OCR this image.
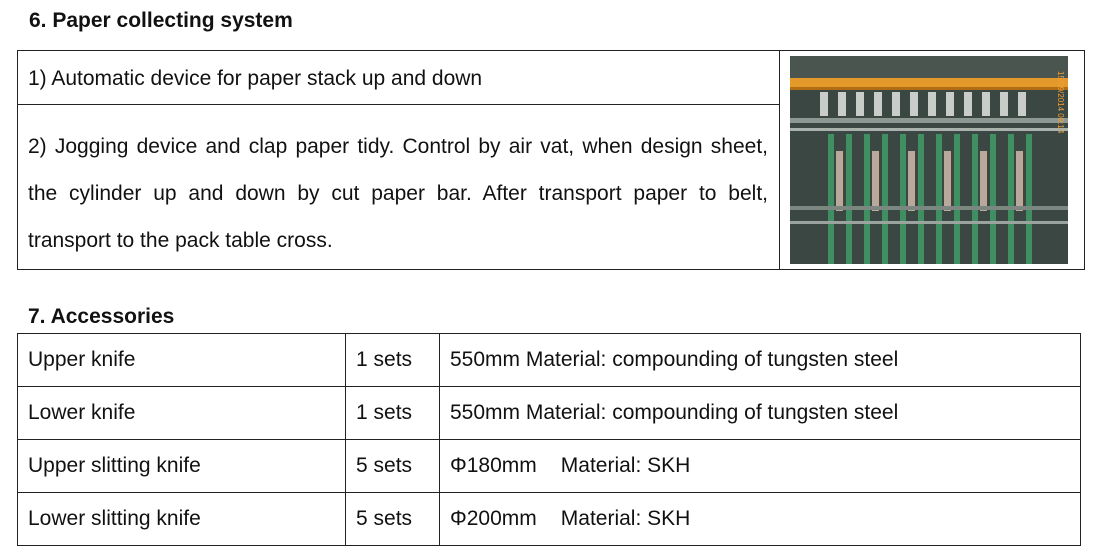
6. Paper collecting system
1) Automatic device for paper stack up and down
2) Jogging device and clap paper tidy. Control by air vat, when design sheet, the cylinder up and down by cut paper bar. After transport paper to belt, transport to the pack table cross.
15/09/2014 09:14
7. Accessories
Upper knife	1 sets	550mm Material: compounding of tungsten steel
Lower knife	1 sets	550mm Material: compounding of tungsten steel
Upper slitting knife	5 sets	Φ180mm Material: SKH
Lower slitting knife	5 sets	Φ200mm Material: SKH
